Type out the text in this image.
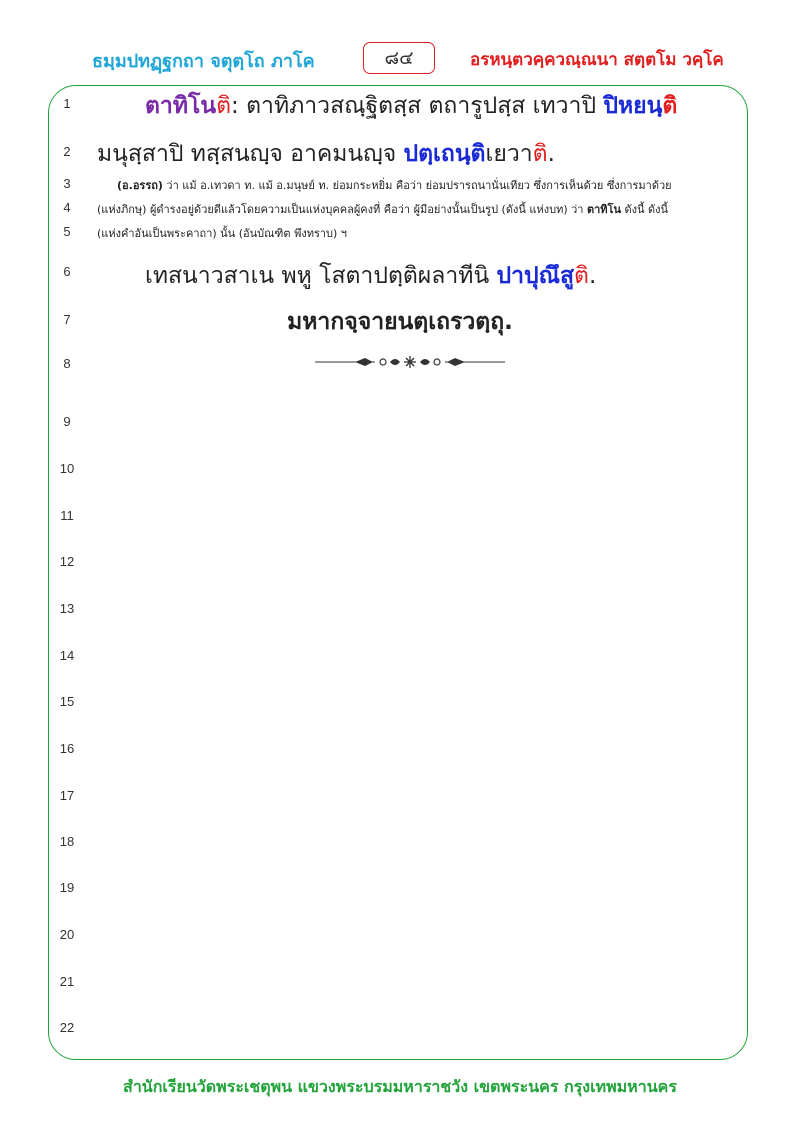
ธมฺมปทฏฺฐกถา จตุตฺโถ ภาโค	๘๔	อรหนฺตวคฺควณฺณนา สตฺตโม วคฺโค
1
2
3
4
5
6
7
8
9
10
11
12
13
14
15
16
17
18
19
20
21
22
ตาทิโนติ: ตาทิภาวสณฺฐิตสฺส ตถารูปสฺส เทวาปิ ปิหยนฺติ
มนุสฺสาปิ ทสฺสนญฺจ อาคมนญฺจ ปตฺเถนฺติเยวาติ.
(อ.อรรถ) ว่า แม้ อ.เทวดา ท. แม้ อ.มนุษย์ ท. ย่อมกระหยิ่ม คือว่า ย่อมปรารถนานั่นเทียว ซึ่งการเห็นด้วย ซึ่งการมาด้วย
(แห่งภิกษุ) ผู้ดำรงอยู่ด้วยดีแล้วโดยความเป็นแห่งบุคคลผู้คงที่ คือว่า ผู้มีอย่างนั้นเป็นรูป (ดังนี้ แห่งบท) ว่า ตาทิโน ดังนี้ ดังนี้
(แห่งคำอันเป็นพระคาถา) นั้น (อันบัณฑิต พึงทราบ) ฯ
เทสนาวสาเน พหู โสตาปตฺติผลาทีนิ ปาปุณึสูติ.
มหากจฺจายนตฺเถรวตฺถุ.
สำนักเรียนวัดพระเชตุพน แขวงพระบรมมหาราชวัง เขตพระนคร กรุงเทพมหานคร
